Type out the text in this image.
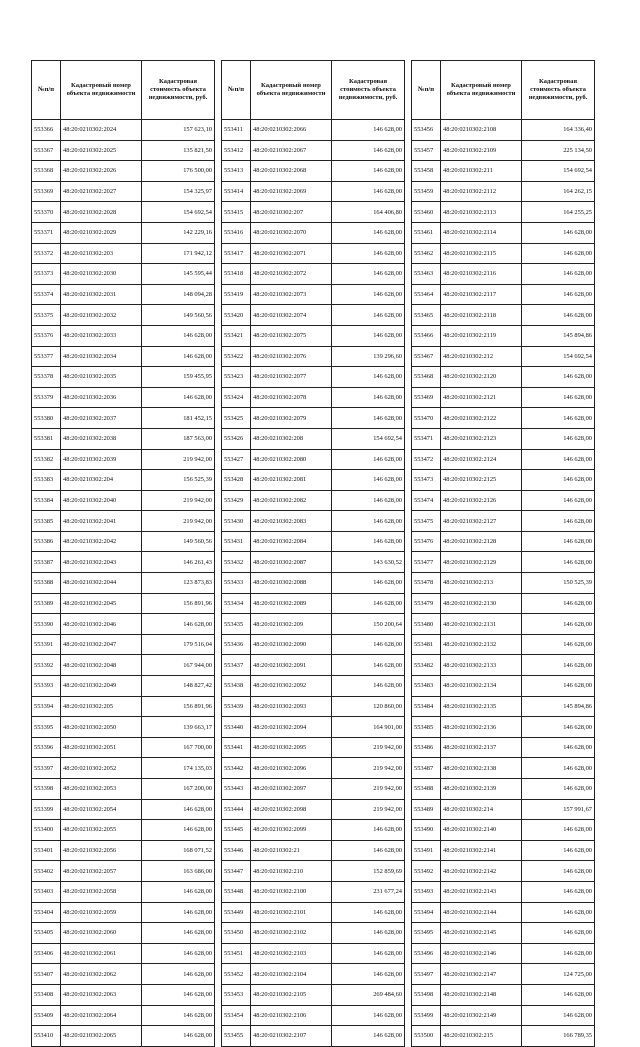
№п/п	Кадастровый номер объекта недвижимости	Кадастровая стоимость объекта недвижимости, руб.
553366	48:20:0210302:2024	157 623,10
553367	48:20:0210302:2025	135 821,50
553368	48:20:0210302:2026	176 500,00
553369	48:20:0210302:2027	154 325,97
553370	48:20:0210302:2028	154 692,54
553371	48:20:0210302:2029	142 229,16
553372	48:20:0210302:203	171 942,12
553373	48:20:0210302:2030	145 595,44
553374	48:20:0210302:2031	148 094,28
553375	48:20:0210302:2032	149 560,56
553376	48:20:0210302:2033	146 628,00
553377	48:20:0210302:2034	146 628,00
553378	48:20:0210302:2035	159 455,95
553379	48:20:0210302:2036	146 628,00
553380	48:20:0210302:2037	181 452,15
553381	48:20:0210302:2038	187 563,00
553382	48:20:0210302:2039	219 942,00
553383	48:20:0210302:204	156 525,39
553384	48:20:0210302:2040	219 942,00
553385	48:20:0210302:2041	219 942,00
553386	48:20:0210302:2042	149 560,56
553387	48:20:0210302:2043	146 261,43
553388	48:20:0210302:2044	123 873,83
553389	48:20:0210302:2045	156 891,96
553390	48:20:0210302:2046	146 628,00
553391	48:20:0210302:2047	179 516,04
553392	48:20:0210302:2048	167 944,00
553393	48:20:0210302:2049	148 827,42
553394	48:20:0210302:205	156 891,96
553395	48:20:0210302:2050	139 663,17
553396	48:20:0210302:2051	167 700,00
553397	48:20:0210302:2052	174 135,03
553398	48:20:0210302:2053	167 200,00
553399	48:20:0210302:2054	146 628,00
553400	48:20:0210302:2055	146 628,00
553401	48:20:0210302:2056	168 071,52
553402	48:20:0210302:2057	163 686,00
553403	48:20:0210302:2058	146 628,00
553404	48:20:0210302:2059	146 628,00
553405	48:20:0210302:2060	146 628,00
553406	48:20:0210302:2061	146 628,00
553407	48:20:0210302:2062	146 628,00
553408	48:20:0210302:2063	146 628,00
553409	48:20:0210302:2064	146 628,00
553410	48:20:0210302:2065	146 628,00
№п/п	Кадастровый номер объекта недвижимости	Кадастровая стоимость объекта недвижимости, руб.
553411	48:20:0210302:2066	146 628,00
553412	48:20:0210302:2067	146 628,00
553413	48:20:0210302:2068	146 628,00
553414	48:20:0210302:2069	146 628,00
553415	48:20:0210302:207	164 406,80
553416	48:20:0210302:2070	146 628,00
553417	48:20:0210302:2071	146 628,00
553418	48:20:0210302:2072	146 628,00
553419	48:20:0210302:2073	146 628,00
553420	48:20:0210302:2074	146 628,00
553421	48:20:0210302:2075	146 628,00
553422	48:20:0210302:2076	139 296,60
553423	48:20:0210302:2077	146 628,00
553424	48:20:0210302:2078	146 628,00
553425	48:20:0210302:2079	146 628,00
553426	48:20:0210302:208	154 692,54
553427	48:20:0210302:2080	146 628,00
553428	48:20:0210302:2081	146 628,00
553429	48:20:0210302:2082	146 628,00
553430	48:20:0210302:2083	146 628,00
553431	48:20:0210302:2084	146 628,00
553432	48:20:0210302:2087	143 630,52
553433	48:20:0210302:2088	146 628,00
553434	48:20:0210302:2089	146 628,00
553435	48:20:0210302:209	150 200,64
553436	48:20:0210302:2090	146 628,00
553437	48:20:0210302:2091	146 628,00
553438	48:20:0210302:2092	146 628,00
553439	48:20:0210302:2093	120 860,00
553440	48:20:0210302:2094	164 901,00
553441	48:20:0210302:2095	219 942,00
553442	48:20:0210302:2096	219 942,00
553443	48:20:0210302:2097	219 942,00
553444	48:20:0210302:2098	219 942,00
553445	48:20:0210302:2099	146 628,00
553446	48:20:0210302:21	146 628,00
553447	48:20:0210302:210	152 859,69
553448	48:20:0210302:2100	231 677,24
553449	48:20:0210302:2101	146 628,00
553450	48:20:0210302:2102	146 628,00
553451	48:20:0210302:2103	146 628,00
553452	48:20:0210302:2104	146 628,00
553453	48:20:0210302:2105	269 484,60
553454	48:20:0210302:2106	146 628,00
553455	48:20:0210302:2107	146 628,00
№п/п	Кадастровый номер объекта недвижимости	Кадастровая стоимость объекта недвижимости, руб.
553456	48:20:0210302:2108	164 336,40
553457	48:20:0210302:2109	225 134,50
553458	48:20:0210302:211	154 692,54
553459	48:20:0210302:2112	164 262,15
553460	48:20:0210302:2113	164 255,25
553461	48:20:0210302:2114	146 628,00
553462	48:20:0210302:2115	146 628,00
553463	48:20:0210302:2116	146 628,00
553464	48:20:0210302:2117	146 628,00
553465	48:20:0210302:2118	146 628,00
553466	48:20:0210302:2119	145 894,86
553467	48:20:0210302:212	154 692,54
553468	48:20:0210302:2120	146 628,00
553469	48:20:0210302:2121	146 628,00
553470	48:20:0210302:2122	146 628,00
553471	48:20:0210302:2123	146 628,00
553472	48:20:0210302:2124	146 628,00
553473	48:20:0210302:2125	146 628,00
553474	48:20:0210302:2126	146 628,00
553475	48:20:0210302:2127	146 628,00
553476	48:20:0210302:2128	146 628,00
553477	48:20:0210302:2129	146 628,00
553478	48:20:0210302:213	150 525,39
553479	48:20:0210302:2130	146 628,00
553480	48:20:0210302:2131	146 628,00
553481	48:20:0210302:2132	146 628,00
553482	48:20:0210302:2133	146 628,00
553483	48:20:0210302:2134	146 628,00
553484	48:20:0210302:2135	145 894,86
553485	48:20:0210302:2136	146 628,00
553486	48:20:0210302:2137	146 628,00
553487	48:20:0210302:2138	146 628,00
553488	48:20:0210302:2139	146 628,00
553489	48:20:0210302:214	157 991,67
553490	48:20:0210302:2140	146 628,00
553491	48:20:0210302:2141	146 628,00
553492	48:20:0210302:2142	146 628,00
553493	48:20:0210302:2143	146 628,00
553494	48:20:0210302:2144	146 628,00
553495	48:20:0210302:2145	146 628,00
553496	48:20:0210302:2146	146 628,00
553497	48:20:0210302:2147	124 725,00
553498	48:20:0210302:2148	146 628,00
553499	48:20:0210302:2149	146 628,00
553500	48:20:0210302:215	166 789,35
